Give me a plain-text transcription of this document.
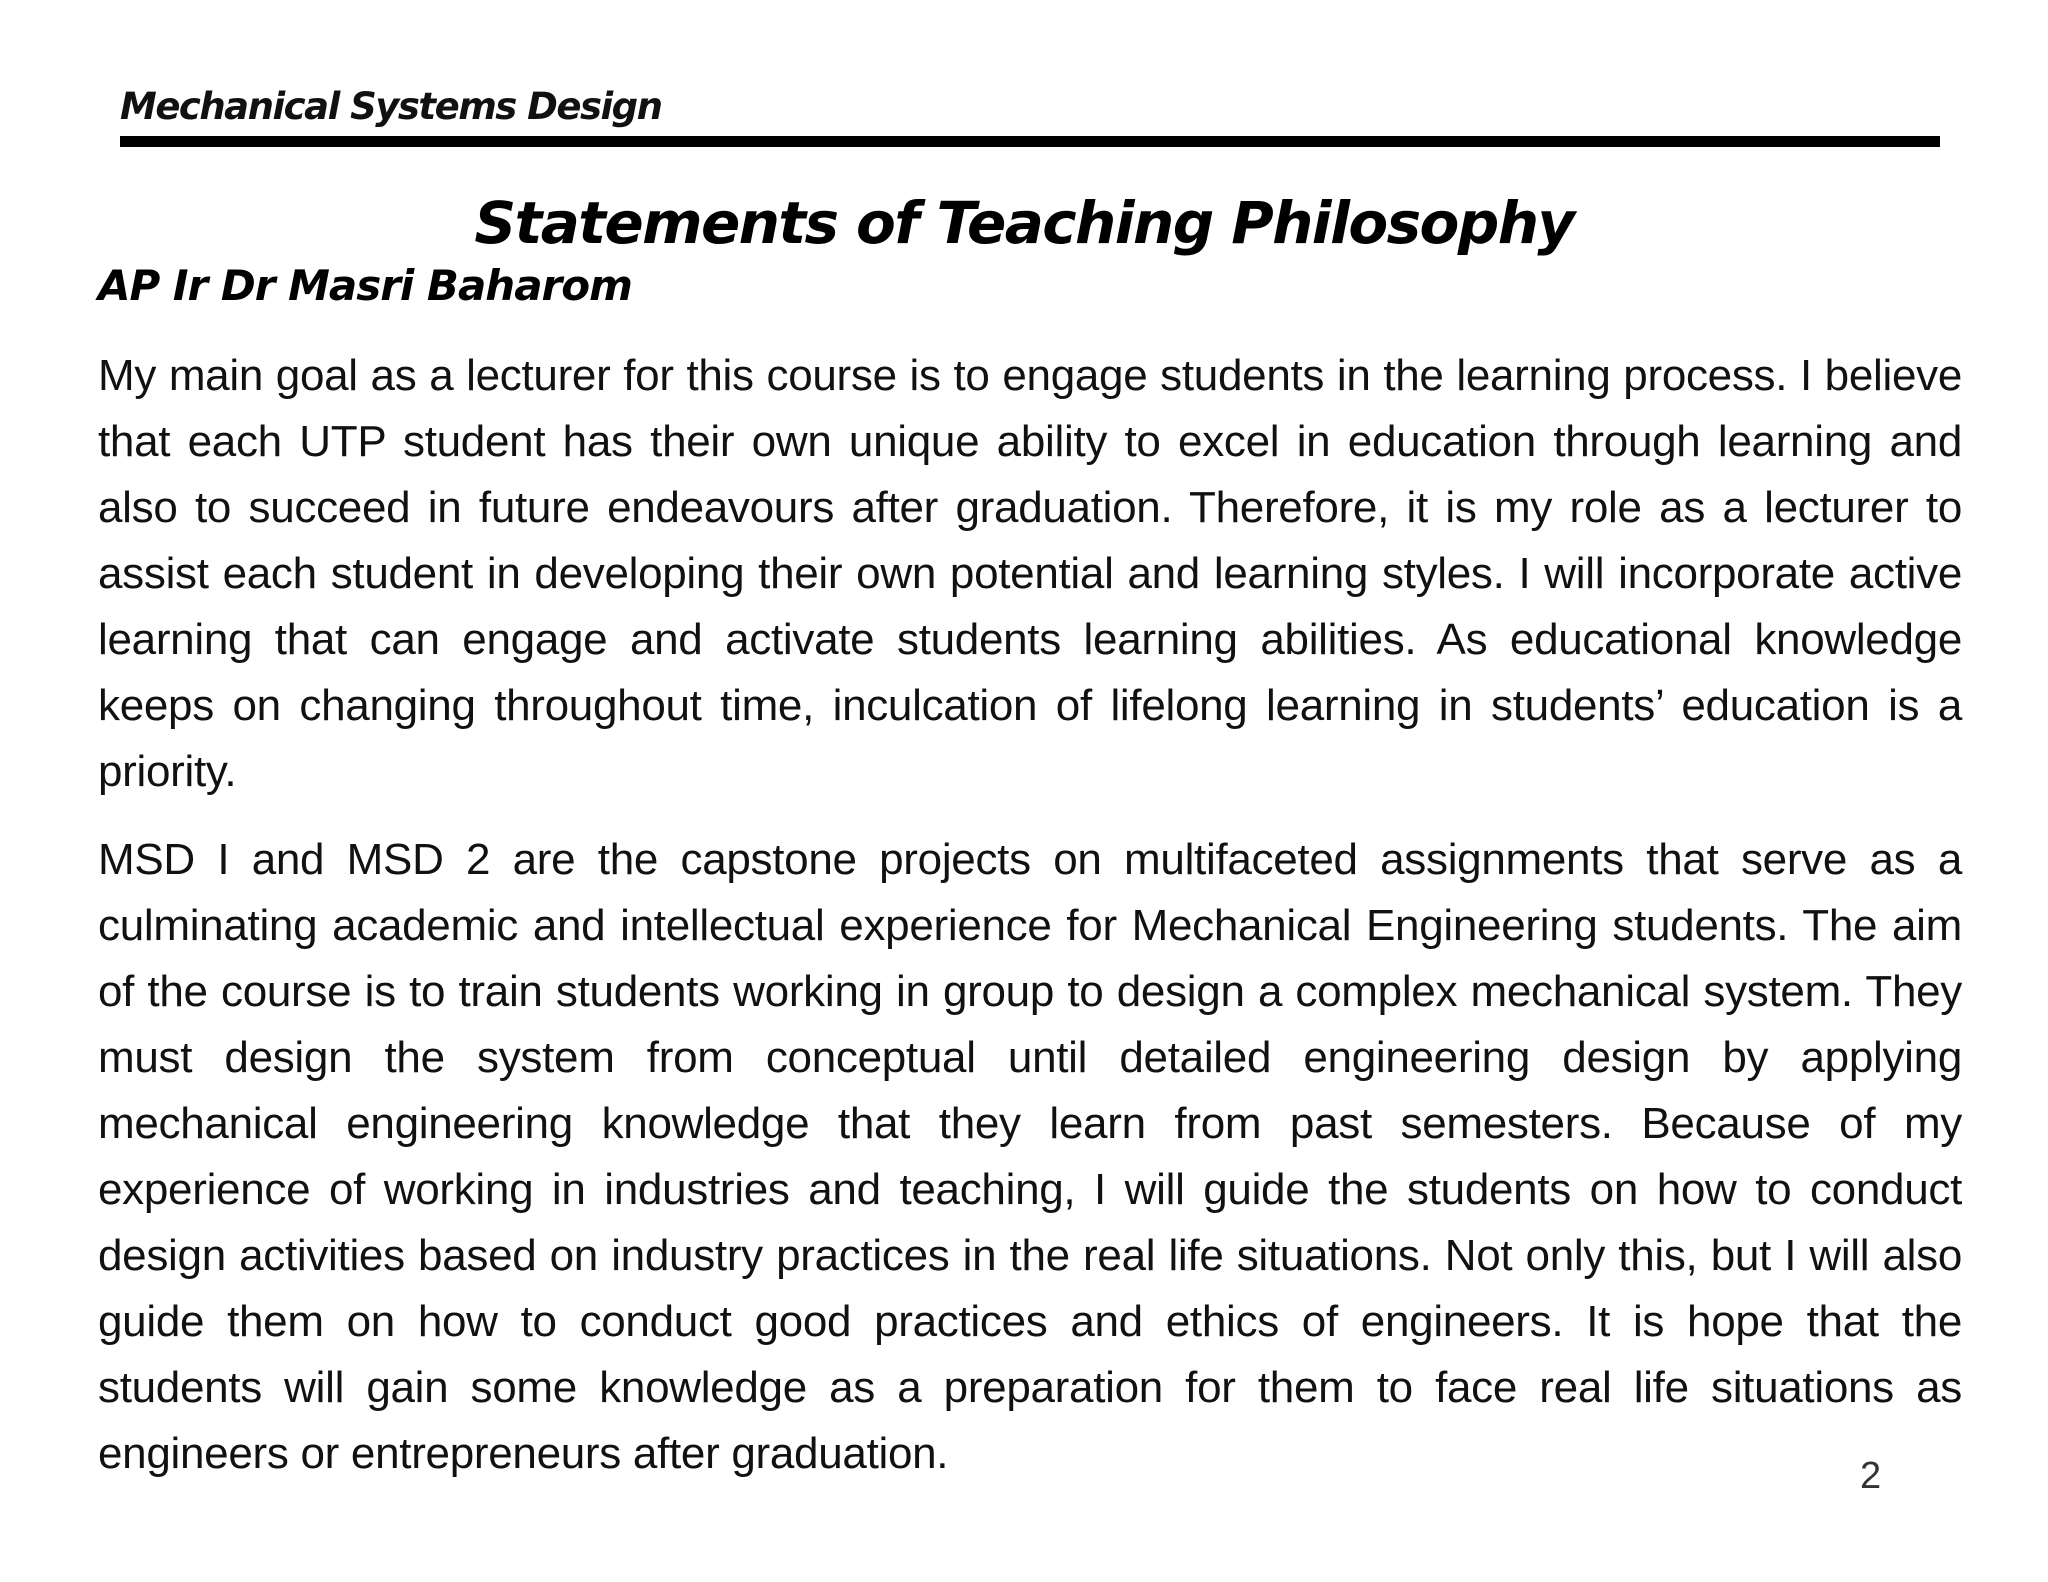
Mechanical Systems Design
Statements of Teaching Philosophy
AP Ir Dr Masri Baharom

My main goal as a lecturer for this course is to engage students in the learning process. I believe that each UTP student has their own unique ability to excel in education through learning and also to succeed in future endeavours after graduation. Therefore, it is my role as a lecturer to assist each student in developing their own potential and learning styles. I will incorporate active learning that can engage and activate students learning abilities. As educational knowledge keeps on changing throughout time, inculcation of lifelong learning in students’ education is a priority.

MSD I and MSD 2 are the capstone projects on multifaceted assignments that serve as a culminating academic and intellectual experience for Mechanical Engineering students. The aim of the course is to train students working in group to design a complex mechanical system. They must design the system from conceptual until detailed engineering design by applying mechanical engineering knowledge that they learn from past semesters. Because of my experience of working in industries and teaching, I will guide the students on how to conduct design activities based on industry practices in the real life situations. Not only this, but I will also guide them on how to conduct good practices and ethics of engineers. It is hope that the students will gain some knowledge as a preparation for them to face real life situations as engineers or entrepreneurs after graduation.	2
